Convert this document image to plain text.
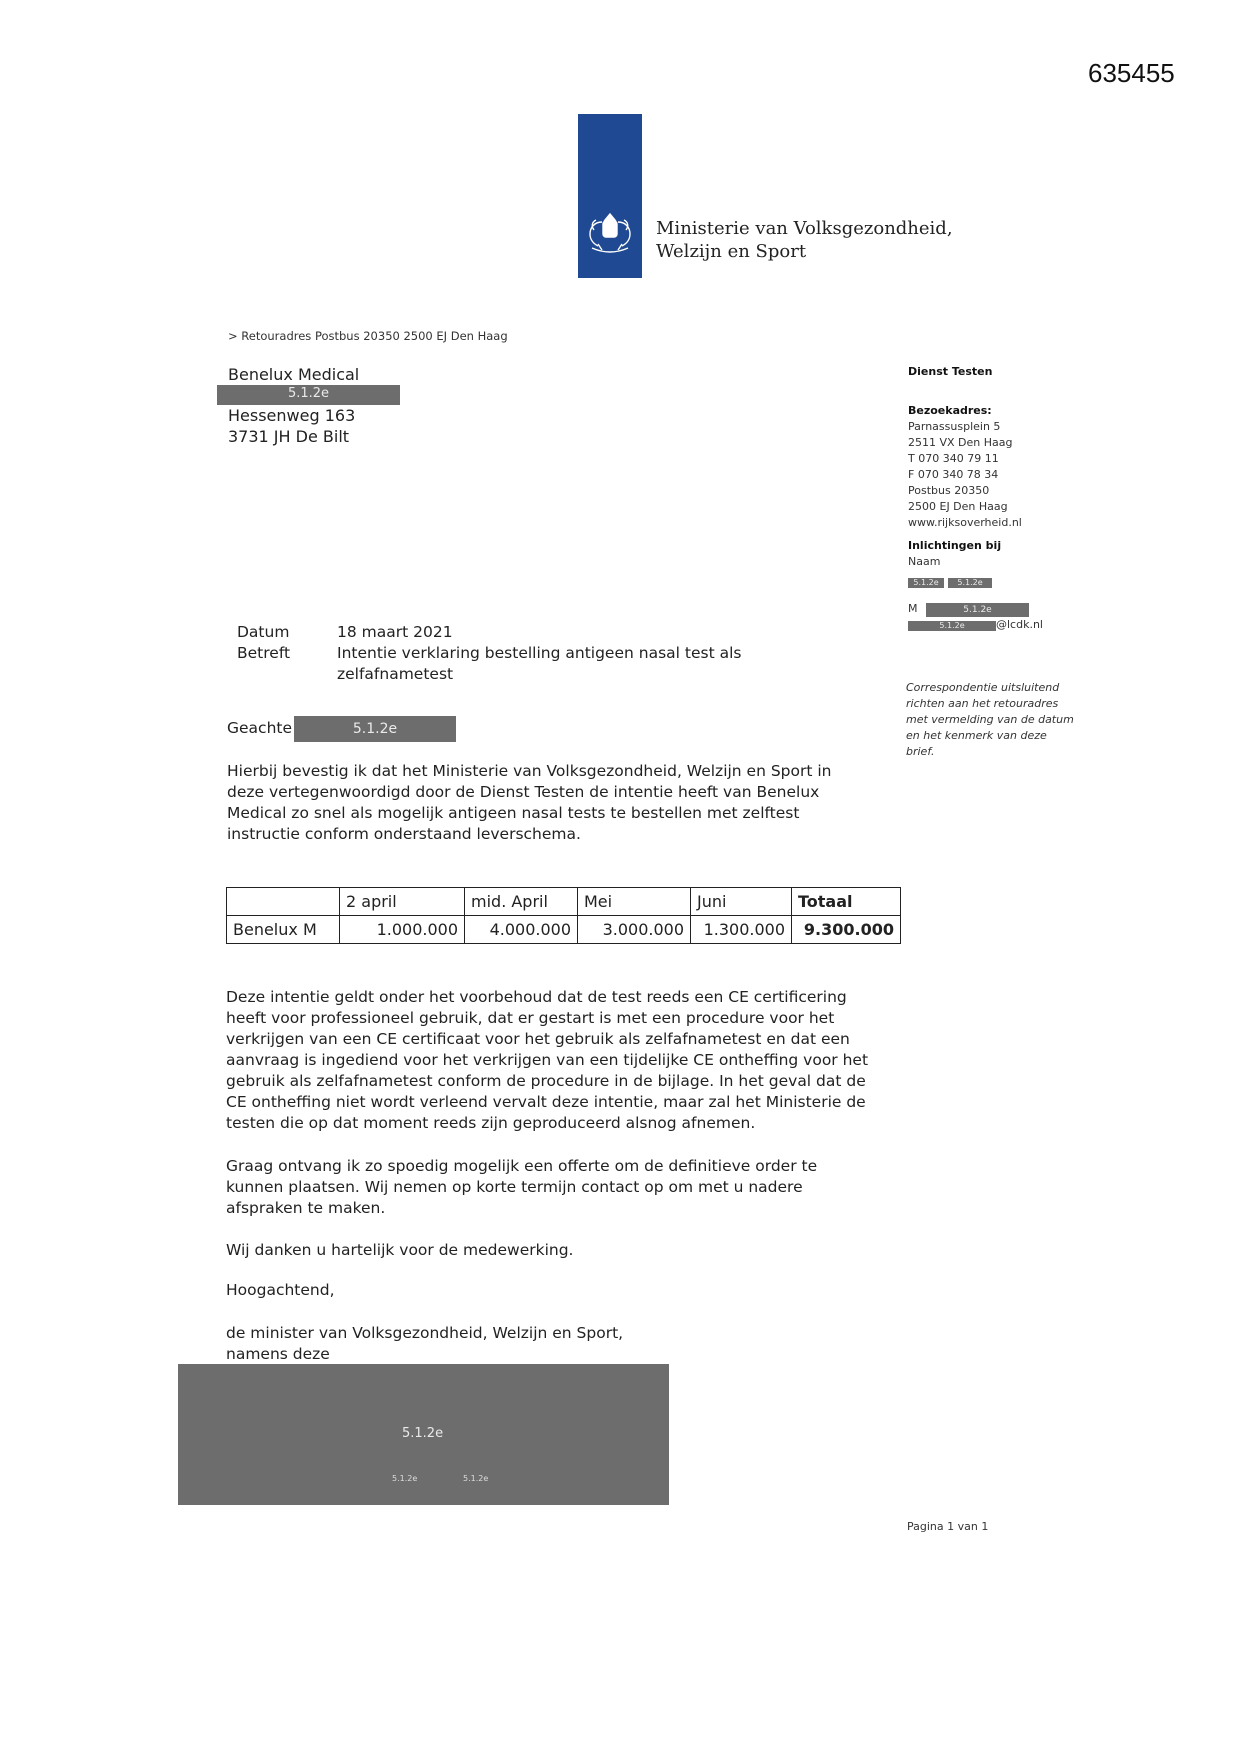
635455
Ministerie van Volksgezondheid,
Welzijn en Sport
> Retouradres Postbus 20350 2500 EJ Den Haag
Benelux Medical
5.1.2e
Hessenweg 163
3731 JH De Bilt
Dienst Testen
Bezoekadres:
Parnassusplein 5
2511 VX Den Haag
T 070 340 79 11
F 070 340 78 34
Postbus 20350
2500 EJ Den Haag
www.rijksoverheid.nl
Inlichtingen bij
Naam
5.1.2e	5.1.2e
M	5.1.2e
5.1.2e	@lcdk.nl
Correspondentie uitsluitend
richten aan het retouradres
met vermelding van de datum
en het kenmerk van deze
brief.
Datum	18 maart 2021
Betreft	Intentie verklaring bestelling antigeen nasal test als
zelfafnametest
Geachte	5.1.2e
Hierbij bevestig ik dat het Ministerie van Volksgezondheid, Welzijn en Sport in
deze vertegenwoordigd door de Dienst Testen de intentie heeft van Benelux
Medical zo snel als mogelijk antigeen nasal tests te bestellen met zelftest
instructie conform onderstaand leverschema.
	2 april	mid. April	Mei	Juni	Totaal
Benelux M	1.000.000	4.000.000	3.000.000	1.300.000	9.300.000
Deze intentie geldt onder het voorbehoud dat de test reeds een CE certificering
heeft voor professioneel gebruik, dat er gestart is met een procedure voor het
verkrijgen van een CE certificaat voor het gebruik als zelfafnametest en dat een
aanvraag is ingediend voor het verkrijgen van een tijdelijke CE ontheffing voor het
gebruik als zelfafnametest conform de procedure in de bijlage. In het geval dat de
CE ontheffing niet wordt verleend vervalt deze intentie, maar zal het Ministerie de
testen die op dat moment reeds zijn geproduceerd alsnog afnemen.
Graag ontvang ik zo spoedig mogelijk een offerte om de definitieve order te
kunnen plaatsen. Wij nemen op korte termijn contact op om met u nadere
afspraken te maken.
Wij danken u hartelijk voor de medewerking.
Hoogachtend,
de minister van Volksgezondheid, Welzijn en Sport,
namens deze
5.1.2e
5.1.2e	5.1.2e
Pagina 1 van 1
